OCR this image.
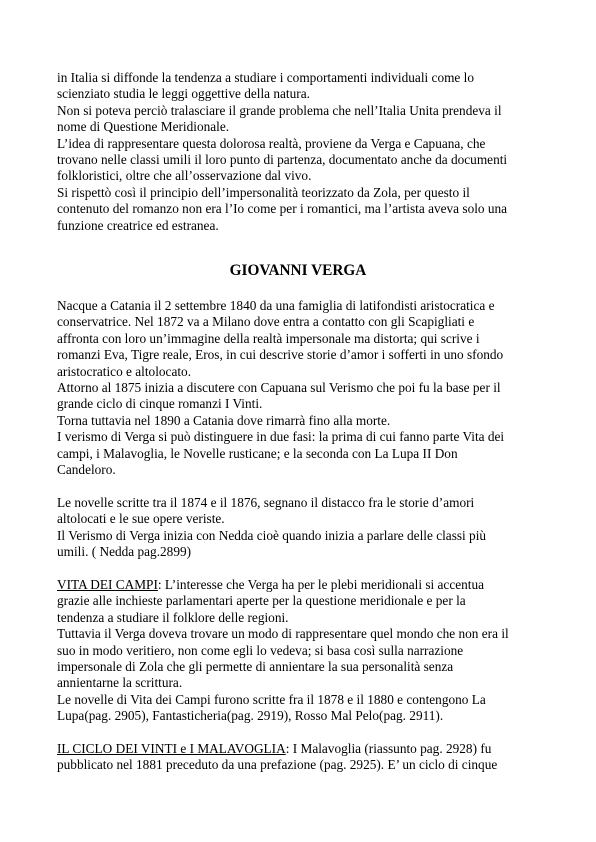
in Italia si diffonde la tendenza a studiare i comportamenti individuali come lo
scienziato studia le leggi oggettive della natura.
Non si poteva perciò tralasciare il grande problema che nell’Italia Unita prendeva il
nome di Questione Meridionale.
L’idea di rappresentare questa dolorosa realtà, proviene da Verga e Capuana, che
trovano nelle classi umili il loro punto di partenza, documentato anche da documenti
folkloristici, oltre che all’osservazione dal vivo.
Si rispettò così il principio dell’impersonalità teorizzato da Zola, per questo il
contenuto del romanzo non era l’Io come per i romantici, ma l’artista aveva solo una
funzione creatrice ed estranea.
GIOVANNI VERGA
Nacque a Catania il 2 settembre 1840 da una famiglia di latifondisti aristocratica e
conservatrice. Nel 1872 va a Milano dove entra a contatto con gli Scapigliati e
affronta con loro un’immagine della realtà impersonale ma distorta; qui scrive i
romanzi Eva, Tigre reale, Eros, in cui descrive storie d’amor i sofferti in uno sfondo
aristocratico e altolocato.
Attorno al 1875 inizia a discutere con Capuana sul Verismo che poi fu la base per il
grande ciclo di cinque romanzi I Vinti.
Torna tuttavia nel 1890 a Catania dove rimarrà fino alla morte.
I verismo di Verga si può distinguere in due fasi: la prima di cui fanno parte Vita dei
campi, i Malavoglia, le Novelle rusticane; e la seconda con La Lupa II Don
Candeloro.
Le novelle scritte tra il 1874 e il 1876, segnano il distacco fra le storie d’amori
altolocati e le sue opere veriste.
Il Verismo di Verga inizia con Nedda cioè quando inizia a parlare delle classi più
umili. ( Nedda pag.2899)
VITA DEI CAMPI: L’interesse che Verga ha per le plebi meridionali si accentua
grazie alle inchieste parlamentari aperte per la questione meridionale e per la
tendenza a studiare il folklore delle regioni.
Tuttavia il Verga doveva trovare un modo di rappresentare quel mondo che non era il
suo in modo veritiero, non come egli lo vedeva; si basa così sulla narrazione
impersonale di Zola che gli permette di annientare la sua personalità senza
annientarne la scrittura.
Le novelle di Vita dei Campi furono scritte fra il 1878 e il 1880 e contengono La
Lupa(pag. 2905), Fantasticheria(pag. 2919), Rosso Mal Pelo(pag. 2911).
IL CICLO DEI VINTI e I MALAVOGLIA: I Malavoglia (riassunto pag. 2928) fu
pubblicato nel 1881 preceduto da una prefazione (pag. 2925). E’ un ciclo di cinque
